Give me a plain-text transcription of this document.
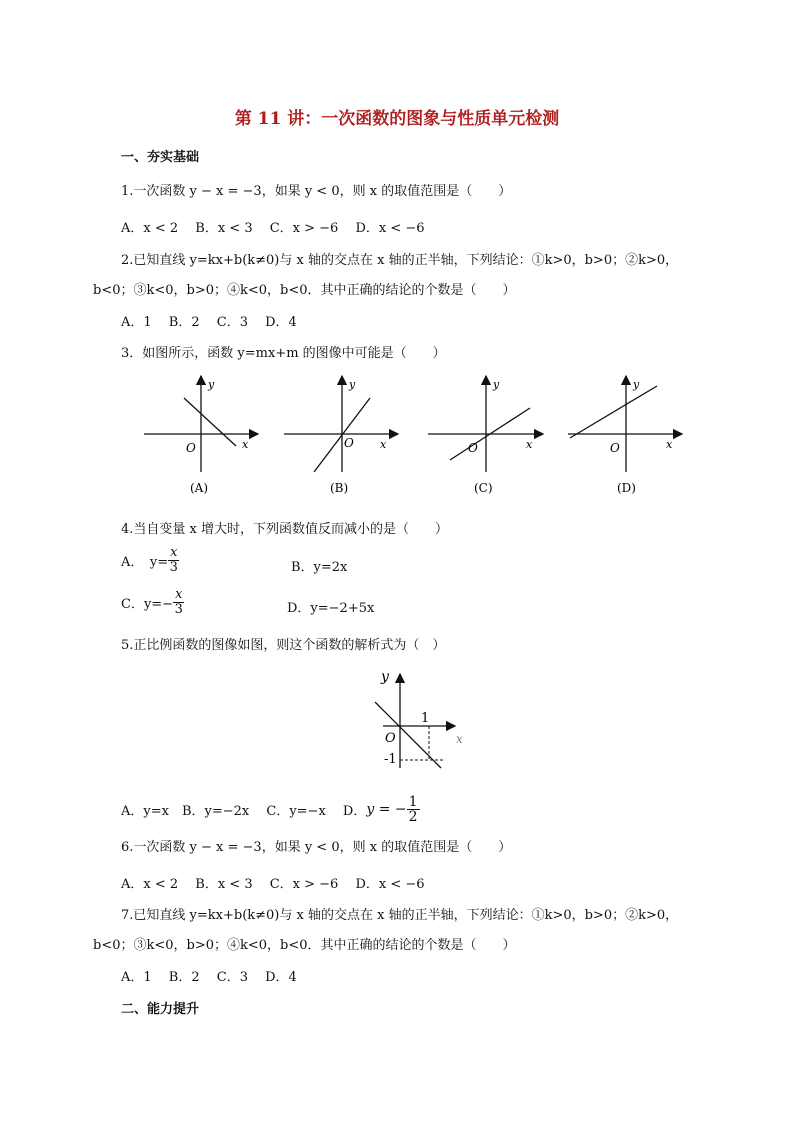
第 11 讲：一次函数的图象与性质单元检测
一、夯实基础
1.一次函数 y − x = −3，如果 y < 0，则 x 的取值范围是（　　）
A．x < 2　 B．x < 3　 C．x > −6　 D．x < −6
2.已知直线 y=kx+b(k≠0)与 x 轴的交点在 x 轴的正半轴，下列结论：①k>0，b>0；②k>0，
b<0；③k<0，b>0；④k<0，b<0．其中正确的结论的个数是（　　）
A．1　 B．2　 C．3　 D．4
3．如图所示，函数 y=mx+m 的图像中可能是（　　）
y
x
O
(A)
y
x
O
(B)
y
x
O
(C)
y
x
O
(D)
4.当自变量 x 增大时，下列函数值反而减小的是（　　）
A．　$y= \frac{x}{3}$	B．y=2x
C．$y=- \frac{x}{3}$	D．y=−2+5x
5.正比例函数的图像如图，则这个函数的解析式为（　）
y
x
O
1
-1
A．y=x　B．y=−2x　 C．y=−x　 D．y = − $\frac{1}{2}$
6.一次函数 y − x = −3，如果 y < 0，则 x 的取值范围是（　　）
A．x < 2　 B．x < 3　 C．x > −6　 D．x < −6
7.已知直线 y=kx+b(k≠0)与 x 轴的交点在 x 轴的正半轴，下列结论：①k>0，b>0；②k>0，
b<0；③k<0，b>0；④k<0，b<0．其中正确的结论的个数是（　　）
A．1　 B．2　 C．3　 D．4
二、能力提升
